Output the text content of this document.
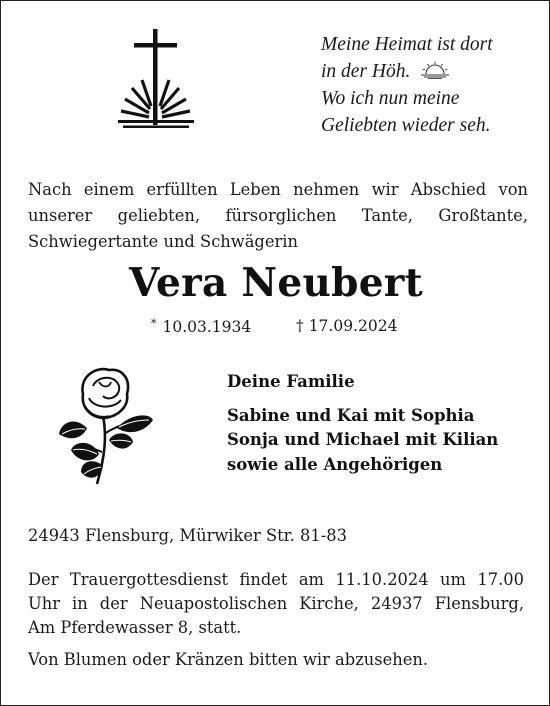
Meine Heimat ist dort
in der Höh.
Wo ich nun meine
Geliebten wieder seh.
Nach einem erfüllten Leben nehmen wir Abschied von
unserer geliebten, fürsorglichen Tante, Großtante,
Schwiegertante und Schwägerin
Vera Neubert
* 10.03.1934	† 17.09.2024
Deine Familie
Sabine und Kai mit Sophia
Sonja und Michael mit Kilian
sowie alle Angehörigen
24943 Flensburg, Mürwiker Str. 81-83
Der Trauergottesdienst findet am 11.10.2024 um 17.00
Uhr in der Neuapostolischen Kirche, 24937 Flensburg,
Am Pferdewasser 8, statt.
Von Blumen oder Kränzen bitten wir abzusehen.
